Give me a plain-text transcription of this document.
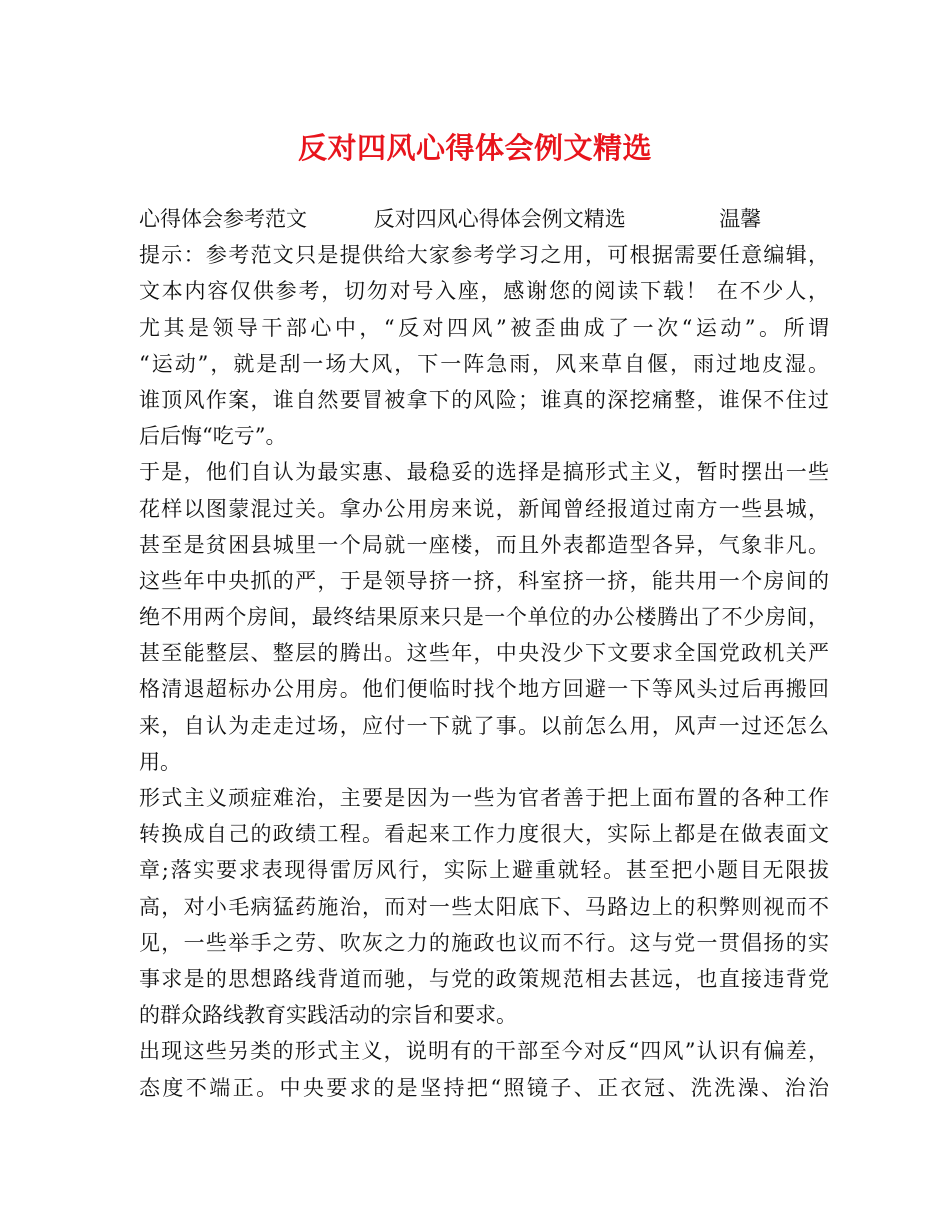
反对四风心得体会例文精选
心得体会参考范文          反对四风心得体会例文精选              温馨
提示：参考范文只是提供给大家参考学习之用，可根据需要任意编辑，
文本内容仅供参考，切勿对号入座，感谢您的阅读下载！ 在不少人，
尤其是领导干部心中，“反对四风”被歪曲成了一次“运动”。所谓
“运动”，就是刮一场大风，下一阵急雨，风来草自偃，雨过地皮湿。
谁顶风作案，谁自然要冒被拿下的风险；谁真的深挖痛整，谁保不住过
后后悔“吃亏”。
于是，他们自认为最实惠、最稳妥的选择是搞形式主义，暂时摆出一些
花样以图蒙混过关。拿办公用房来说，新闻曾经报道过南方一些县城，
甚至是贫困县城里一个局就一座楼，而且外表都造型各异，气象非凡。
这些年中央抓的严，于是领导挤一挤，科室挤一挤，能共用一个房间的
绝不用两个房间，最终结果原来只是一个单位的办公楼腾出了不少房间，
甚至能整层、整层的腾出。这些年，中央没少下文要求全国党政机关严
格清退超标办公用房。他们便临时找个地方回避一下等风头过后再搬回
来，自认为走走过场，应付一下就了事。以前怎么用，风声一过还怎么
用。
形式主义顽症难治，主要是因为一些为官者善于把上面布置的各种工作
转换成自己的政绩工程。看起来工作力度很大，实际上都是在做表面文
章;落实要求表现得雷厉风行，实际上避重就轻。甚至把小题目无限拔
高，对小毛病猛药施治，而对一些太阳底下、马路边上的积弊则视而不
见，一些举手之劳、吹灰之力的施政也议而不行。这与党一贯倡扬的实
事求是的思想路线背道而驰，与党的政策规范相去甚远，也直接违背党
的群众路线教育实践活动的宗旨和要求。
出现这些另类的形式主义，说明有的干部至今对反“四风”认识有偏差，
态度不端正。中央要求的是坚持把“照镜子、正衣冠、洗洗澡、治治
